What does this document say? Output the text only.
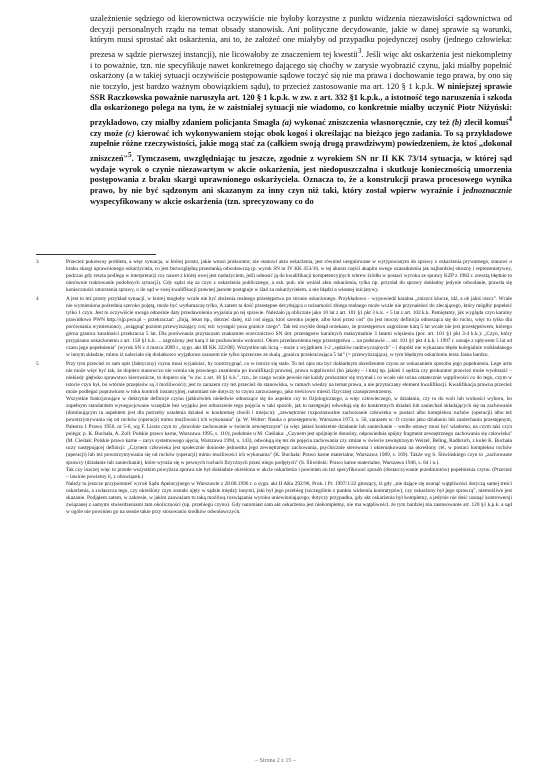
uzależnienie sędziego od kierownictwa oczywiście nie byłoby korzystne z punktu widzenia niezawisłości sądownictwa od decyzji personalnych rządu na temat obsady stanowisk. Ani polityczne decydowanie, jakie w danej sprawie są warunki, którym musi sprostać akt oskarżenia, ani to, że założeć one miałyby od przypadku pojedynczej osoby (jednego człowieka: prezesa w sądzie pierwszej instancji), nie licowałoby ze znaczeniem tej kwestii$^3$. Jeśli więc akt oskarżenia jest niekompletny i to poważnie, tzn. nie specyfikuje nawet konkretnego dającego się choćby w zarysie wyobrazić czynu, jaki miałby popełnić oskarżony (a w takiej sytuacji oczywiście postępowanie sądowe toczyć się nie ma prawa i dochowanie tego prawa, by ono się nie toczyło, jest bardzo ważnym obowiązkiem sądu), to przecież zastosowanie ma art. 120 § 1 k.p.k. W niniejszej sprawie SSR Raczkowska poważnie naruszyła art. 120 § 1 k.p.k. w zw. z art. 332 §1 k.p.k., a istotność tego naruszenia i szkoda dla oskarżonego polega na tym, że w zaistniałej sytuacji nie wiadomo, co konkretnie miałby uczynić Piotr Niżyński: przykładowo, czy miałby zdaniem policjanta Smagła (a) wykonać zniszczenia własnoręcznie, czy też (b) zlecił komuś$^4$ czy może (c) kierować ich wykonywaniem stojąc obok kogoś i określając na bieżąco jego zadania. To są przykładowe zupełnie różne rzeczywistości, jakie mogą stać za (całkiem swoją drogą prawdziwym) powiedzeniem, że ktoś „dokonał zniszczeń"$^5$. Tymczasem, uwzględniając tu jeszcze, zgodnie z wyrokiem SN nr II KK 73/14 sytuacja, w której sąd wydaje wyrok o czynie niezawartym w akcie oskarżenia, jest niedopuszczalna i skutkuje koniecznością umorzenia postępowania z braku skargi uprawnionego oskarżyciela. Oznacza to, że a konstrukcji prawa procesowego wynika prawo, by nie być sądzonym ani skazanym za inny czyn niż taki, który został wpierw wyraźnie i jednoznacznie wyspecyfikowany w akcie oskarżenia (tzn. sprecyzowany co do

3	Przecież pokrewny problem, a więc sytuacja, w której prosto, jakie wnosi prokurator, nie stanowi aktu oskarżenia, jest również uregulowane w wytypowanym do sprawy z oskarżenia prywatnego, stanowi o braku skargi uprawnionego oskarżyciela, co jest bezwzględną przesłanką odwoławczą (p. wyrok SN nr IV KK 453/16, w tej akurat części akapitu swego uzasadnienia jak najbardziej słuszny i reprezentatywny, podczas gdy reszta podlega w interpretacji czy nawet z której owej jest nadużyciem, jeśli odnosić ją do kwalifikacji kompetencyjnych wbrew źródłu w postaci wyroku ze sprawy KZP z 1982 r. zresztą błędnie to nierównie traktowanie podobnych sytuacji). Gdy sądzi się za czyn z oskarżenia publicznego, a osk. pub. nie wniósł aktu oskarżenia, tylko np. przysłał do sprawy dokładny jedynie odwołanie, prawda się konieczności umorzenia sprawy, o ile sąd w swej kwalifikacji prawnej jasnote postąpuje w ślad za oskarżycielem, a nie błądzi a własnej inicjatywy.

4	A jest to też prosty przykład sytuacji, w której mogłoby wcale nie być złożenia realnego przestępstwo po stronie oskarżonego. Przykładowo – wypowiedź karalna „zniszcz klucze, idź, a ob jakiś rzecz". Wcale nie wymieniona pośrednia szeroko pojętą, może być wytłumaczę tylko, A zatem ta dość przestępne decydująca o tożsamości zbiega realnego może wcale nie przynależeć do zlecającego, który mógłby popełnić tylko 1 czyn. Jest to oczywiście uwaga odnośnie daty przedawnienia wyjaśnia po tej sprawie. Należało ją oblicznie jako 10 lat z art. 101 §1 pkt 3 k.k. + 5 lat z art. 102 k.k. Pamiętamy, jak wygląda czyn karalny prawidłowo PWN http://sjp.pwn.pl – przekraczać: „ilują, lekut itp., dotrzeć dalej, niż coś sięga, ktoś szeroko pojęte, albo ktoś przez coś" (to jest mocny definicja odnosząca się do ruchu, więc tu tylko dla porównania wymieniono), „osiągnąć poziom przewyższający coś; też: wystąpić poza granice czego". Tak też zwykle dotąd orzekano, że przestępstwo zagrożone karą 5 lat wcale nie jest przestępstwem, którego górna granica karalności przekracza 5 lat. Dla porównania przytaczam znakomite orzecznictwo SN dot. przestępstw karalnych maksymalnie 3 latami więzienia (por. art. 101 §1 pkt 3-4 k.k.): „Czyn, który przypisano oskarżonemu z art. 158 §1 k.k. ... zagrożony jest karą 3 lat pozbawienia wolności. Okres przedawnienia tego przestępstwa ... na podstawie ... art. 101 §1 pkt 4 k.k. i 1997 r. uznaje z upływem 5 lat od czasu jego popełnienia" (wyrok SN z 4 marca 2009 r., sygn. akt III KK 322/08). Wszystkie tak liczą – może z wyjątkiem 1-2 „sędziów nadzwyczajnych" – i dopóki nie wykazano błędu kolegialnie rozkładanego w innym składzie, mimo iż naleciało się dodatkowo wyjątkowe zarazem nie tylko sprzeczne ze skalą „granica przekraczająca 5 lat" (= przewyższająca), w tym błędnym oskarżeniu teraz Jasna bardzo.

5	Przy tym przecież to sam opis (faktyczny) czynu musi wyjaśniać, by rozstrzygnąć, co w istocie się stało. To też opis ma być dokładnym określeniem czynu ze wskazaniem sposobu jego popełnienia. Lege artis nie może więc być tak, że dopiero stanowczo nie ocenia się prawnego znamienia po kwalifikacji prawnej, prawa wątpliwości (bo jakoby – i tutaj np. jakieś 1 sędzia czy prokurator przecież może wyobrazić – niekiedy głęboko sprawstwo kierownicze, to dopiero się "w zw. z art. 18 §1 k.k.", tzn., że czego wcale pewnie nie każdy prokurator się trzymał i co wcale nie ucina ostatecznie wątpliwości co do tego, czym w istocie czyn był, bo wtórnie przepisów są 3 możliwości); jest to zarazem czy też przecież do stanowiska, w ramach wiedzy na temat prawa, a nie przytaczany element kwalifikacji. Kwalifikacja prawna przecież może podlegać poprawkom w toku kontroli instancyjnej, natomiast nie dotyczy to czynu zarzucanego, jako treściowo mieści fizycznej czasoprzestrzenny.
Wszystkie funkcjonujące w doktrynie definicje czynu (jakkolwiek nieledwie odnoszące się do aspektu czy to fizjologicznego, a więc człowieczego, w działaniu, czy to do woli lub wolności wyboru, bo zupełnym standardem wynegocjowano wszędzie bez wyjątku jest odnoszenie tego pojęcia w taki sposób, jak to następuje) odwołują się do konkretnych działań lub zaniechań składających się na zachowanie (dominującym tu aspektem jest dla potrzeby ustalenia działań w konkretnej chwili i miejscu): „zewnętrznie rozpoznawalne zachowanie człowieka w postaci albo kompleksu ruchów (operacji) albo też powstrzymywania się od ruchów (operacji) mimo możliwości ich wykonania" (p. W. Wolter: Nauka o przestępstwie, Warszawa 1973, s. 50, zarazem w: O czynie jako działaniu lub zaniechaniu przestępnym, Palestra 1 Prawo 1956, nr 5-6, wg F. Liszta czyn to „dowolnie zachowanie w świecie zewnętrznym" (a więc jakieś konkretne działanie lub zaniechanie – wedle ustawy musi być wiadomo, na czym taki czyn polega; p. K. Buchała, A. Zoll: Polskie prawo karne, Warszawa 1995, s. 110), podobnie u M. Cieślaka: „Czynem jest spójnięcie donośny, odpowiednia spójny fragment zewnętrznego zachowania się człowieka" (M. Cieślak: Polskie prawo karne – zarys systemowego ujęcia, Warszawa 1994, s. 143), odwołują się tez do pojęcia zachowania czy zmian w świecie zewnętrznym Weizel, Beling, Radbruch, z kolei K. Buchała uczy następującej definicji: „Czynem człowieka jest społecznie doniosłe jednostka jego zewnętrznego zachowania, psychicznie sterowana i ukierunkowana na określony cel, w postaci kompleksu ruchów (operacji) lub też powstrzymywania się od ruchów (operacji) mimo możliwości ich wykonania" (K. Buchała: Prawo karne materialne, Warszawa 1989, s. 169). Także wg S. Śliwińskiego czyn to „zachowanie sprawcy (działanie lub zaniechanie), które wyraża się w pewnych ruchach fizycznych przez niego podjętych" (S. Śliwiński: Prawo karne materialne, Warszawa 1946, s. 84 i n.).
Tak czy inaczej więc to przede wszystkim powyższa sprawa nie był dokładnie określona w akcie oskarżenia i powinien on też specyfikować sposób (dostarczywanie przedmiotów) popełnienia czynu. (Przecież – lawinie powiemy it, z obowiązek.)
Należy tu jeszcze przypomnieć wyrok Sądu Apelacyjnego w Warszawie z 28.08.1996 r. o sygn. akt II AKa 292/96, Prok. i Pr. 1997/1/22 głoszący, iż gdy „nie dające się usunąć wątpliwości dotyczą samej treści oskarżenia, a zwłaszcza tego, czy określony czyn zostało ujęty w sądzie między innymi, jaki był jego przebieg (szczególnie z punktu widzenia kontratypów), czy oskarżony był jego sprawcą", niemożliwe jest skazanie. Podjąłem zatem, w zakresie, w jakim zauważam tu taką możliwą rozwiązania wyroku uniewinniającego, dotyczy przypadku, gdy akt oskarżenia był kompletny, a jedynie nie dość usunąć kontrowersji związanej z samymi stwierdzeniami tam okoliczności (np. przebiegu czynu). Gdy natomiast sam akt oskarżenia jest niekompletny, nie ma wątpliwości, że tym bardziej ma zastosowanie art. 120 §1 k.p.k. a sąd w ogóle nie powinien go na sensie takie przy stosowaniu środków odwoławczych.

– Strona 2 z 15 –
